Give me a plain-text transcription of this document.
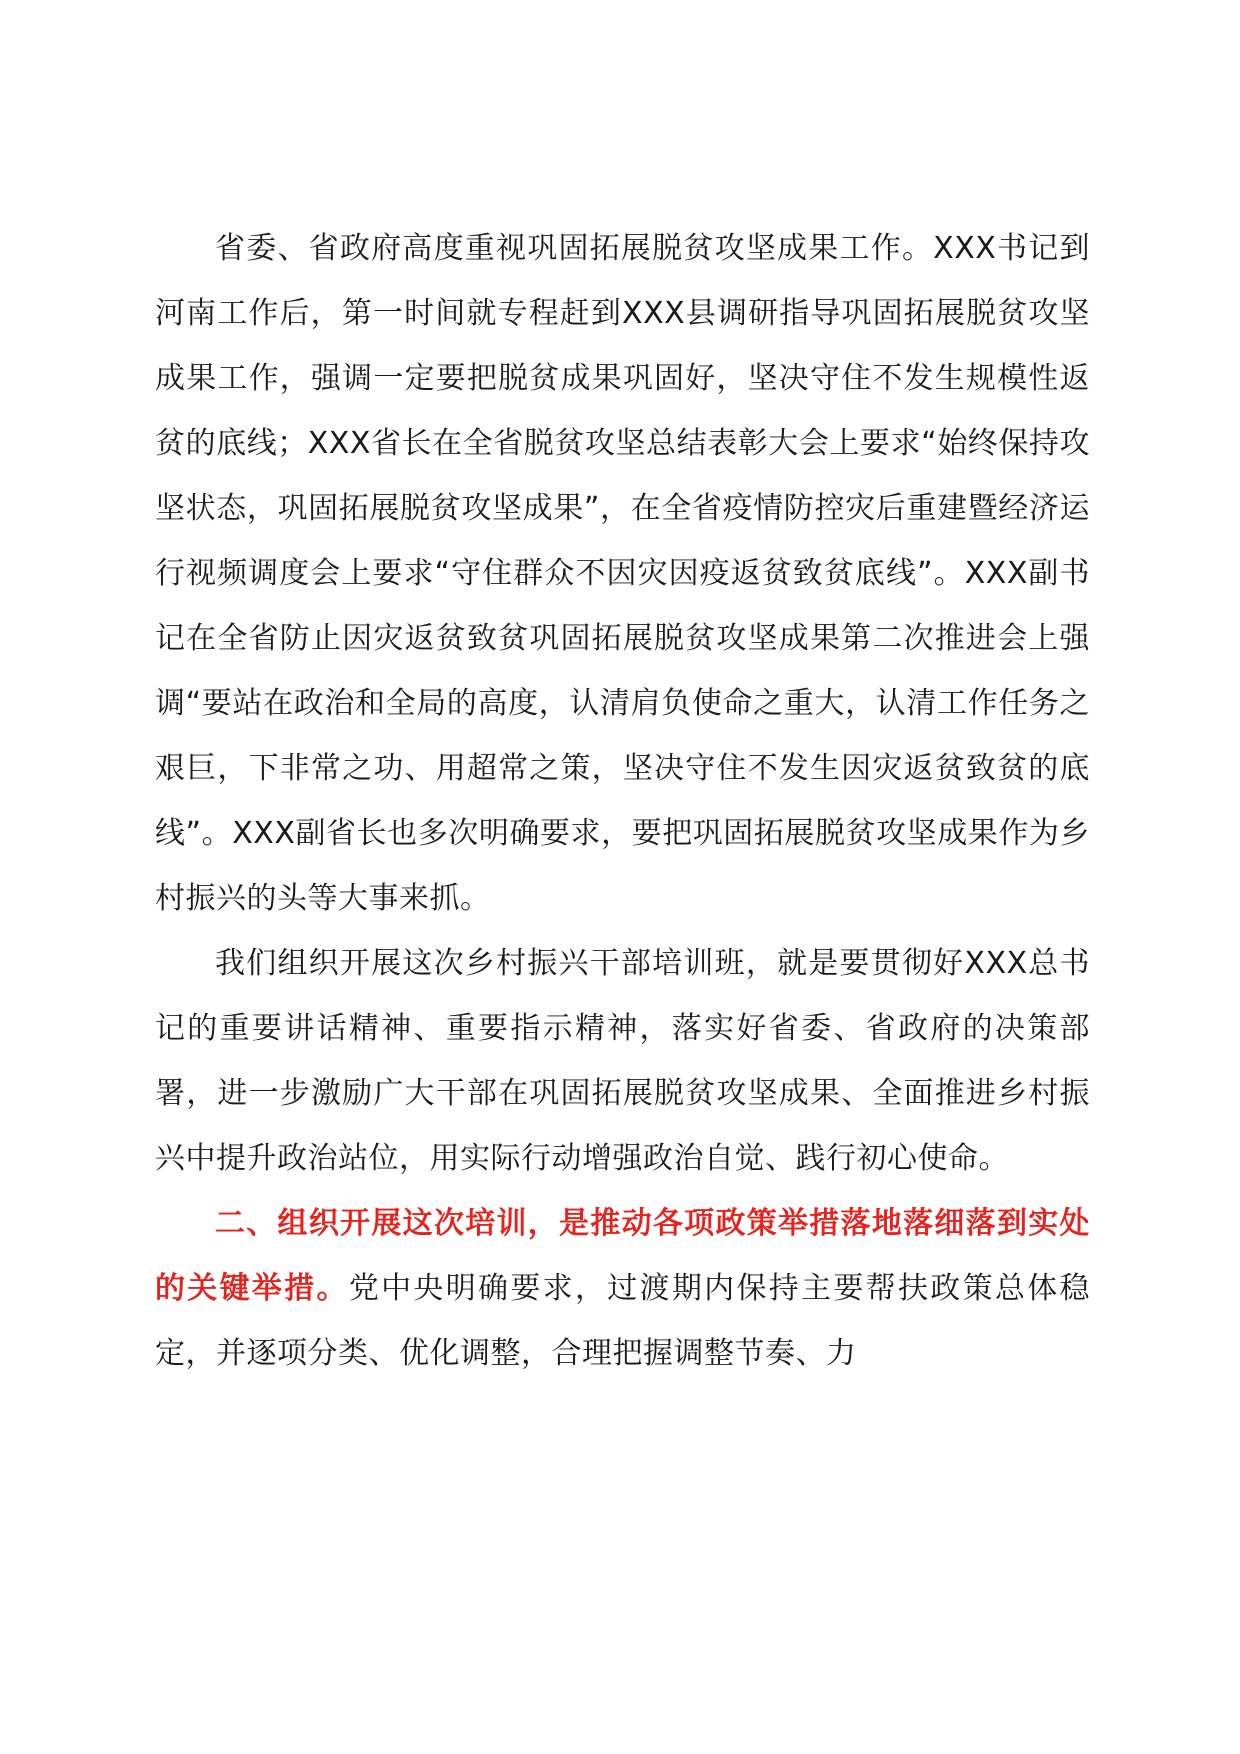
省委、省政府高度重视巩固拓展脱贫攻坚成果工作。XXX书记到河南工作后，第一时间就专程赶到XXX县调研指导巩固拓展脱贫攻坚成果工作，强调一定要把脱贫成果巩固好，坚决守住不发生规模性返贫的底线；XXX省长在全省脱贫攻坚总结表彰大会上要求“始终保持攻坚状态，巩固拓展脱贫攻坚成果”，在全省疫情防控灾后重建暨经济运行视频调度会上要求“守住群众不因灾因疫返贫致贫底线”。XXX副书记在全省防止因灾返贫致贫巩固拓展脱贫攻坚成果第二次推进会上强调“要站在政治和全局的高度，认清肩负使命之重大，认清工作任务之艰巨，下非常之功、用超常之策，坚决守住不发生因灾返贫致贫的底线”。XXX副省长也多次明确要求，要把巩固拓展脱贫攻坚成果作为乡村振兴的头等大事来抓。

我们组织开展这次乡村振兴干部培训班，就是要贯彻好XXX总书记的重要讲话精神、重要指示精神，落实好省委、省政府的决策部署，进一步激励广大干部在巩固拓展脱贫攻坚成果、全面推进乡村振兴中提升政治站位，用实际行动增强政治自觉、践行初心使命。

二、组织开展这次培训，是推动各项政策举措落地落细落到实处的关键举措。党中央明确要求，过渡期内保持主要帮扶政策总体稳定，并逐项分类、优化调整，合理把握调整节奏、力
